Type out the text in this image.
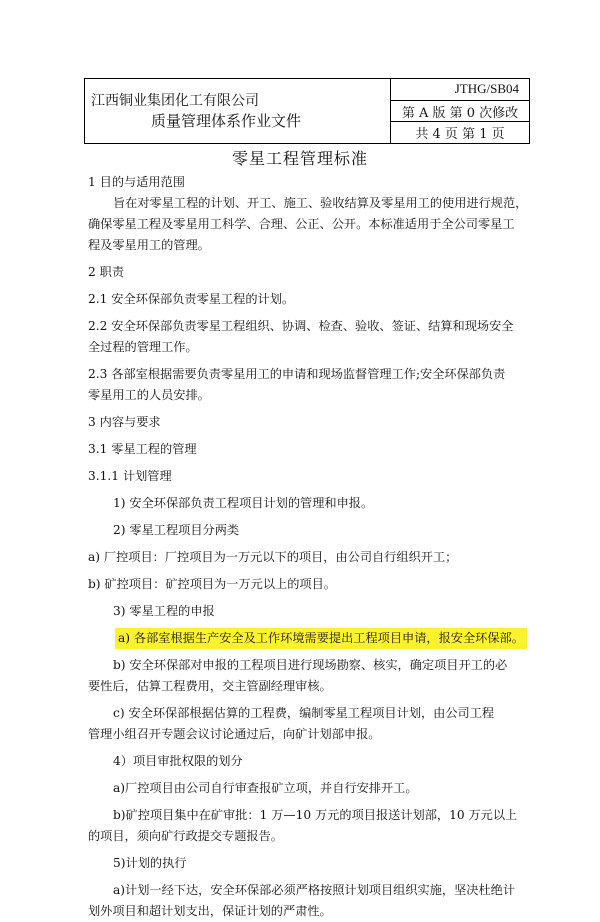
江西铜业集团化工有限公司
质量管理体系作业文件
JTHG/SB04
第 A 版 第 0 次修改
共 4 页 第 1 页
零星工程管理标准
1 目的与适用范围
旨在对零星工程的计划、开工、施工、验收结算及零星用工的使用进行规范，
确保零星工程及零星用工科学、合理、公正、公开。本标准适用于全公司零星工
程及零星用工的管理。
2 职责
2.1 安全环保部负责零星工程的计划。
2.2 安全环保部负责零星工程组织、协调、检查、验收、签证、结算和现场安全
全过程的管理工作。
2.3 各部室根据需要负责零星用工的申请和现场监督管理工作;安全环保部负责
零星用工的人员安排。
3 内容与要求
3.1 零星工程的管理
3.1.1 计划管理
1) 安全环保部负责工程项目计划的管理和申报。
2) 零星工程项目分两类
a) 厂控项目：厂控项目为一万元以下的项目，由公司自行组织开工；
b) 矿控项目：矿控项目为一万元以上的项目。
3) 零星工程的申报
a) 各部室根据生产安全及工作环境需要提出工程项目申请，报安全环保部。
b) 安全环保部对申报的工程项目进行现场勘察、核实，确定项目开工的必
要性后，估算工程费用，交主管副经理审核。
c) 安全环保部根据估算的工程费，编制零星工程项目计划，由公司工程
管理小组召开专题会议讨论通过后，向矿计划部申报。
4）项目审批权限的划分
a)厂控项目由公司自行审查报矿立项，并自行安排开工。
b)矿控项目集中在矿审批：1 万—10 万元的项目报送计划部，10 万元以上
的项目，须向矿行政提交专题报告。
5)计划的执行
a)计划一经下达，安全环保部必须严格按照计划项目组织实施，坚决杜绝计
划外项目和超计划支出，保证计划的严肃性。
